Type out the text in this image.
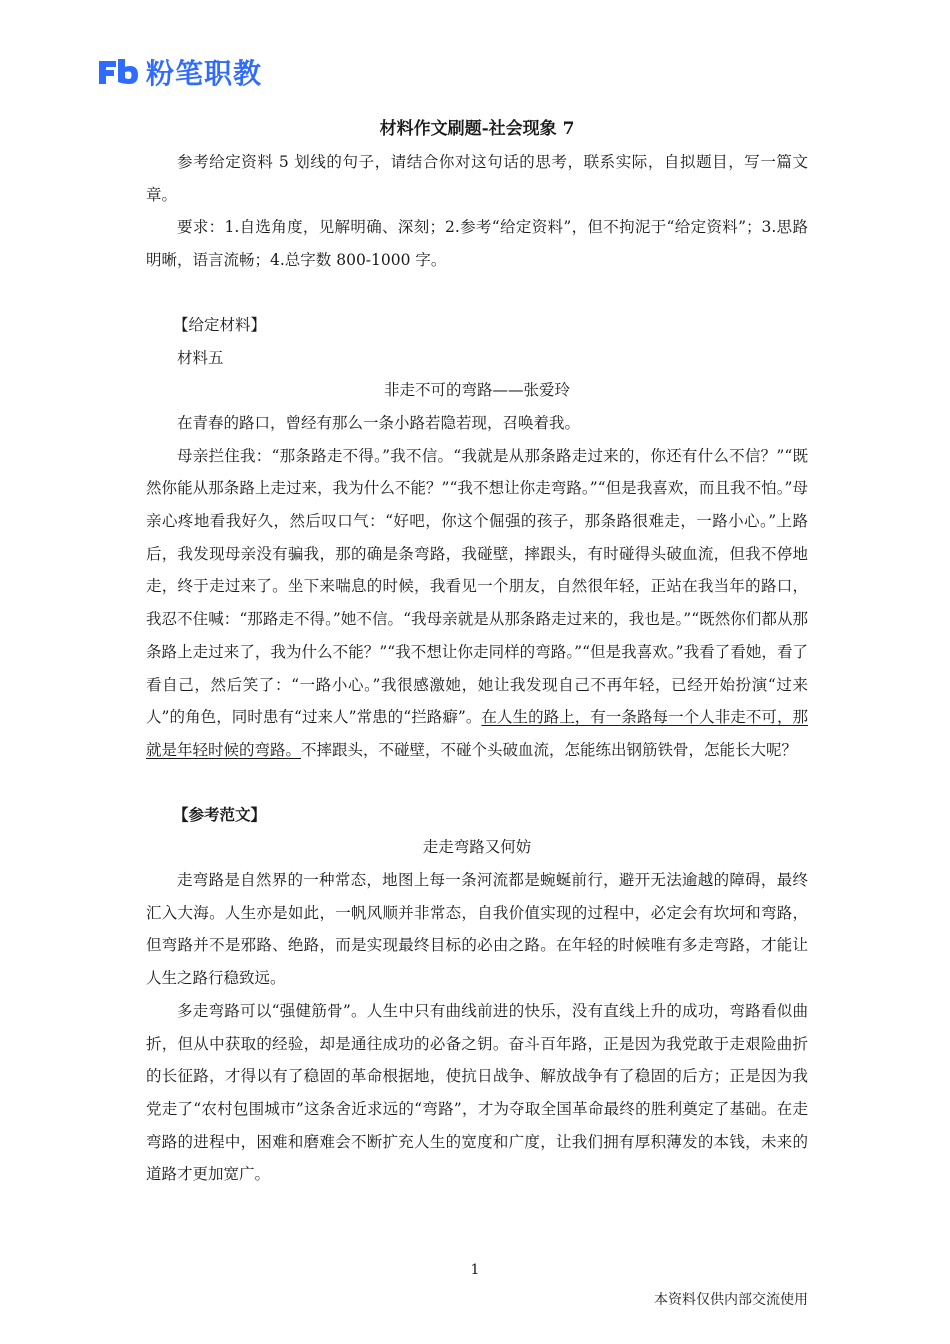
粉笔职教
材料作文刷题-社会现象 7

参考给定资料 5 划线的句子，请结合你对这句话的思考，联系实际，自拟题目，写一篇文章。

要求：1.自选角度，见解明确、深刻；2.参考“给定资料”，但不拘泥于“给定资料”；3.思路明晰，语言流畅；4.总字数 800-1000 字。

【给定材料】
材料五

非走不可的弯路——张爱玲

在青春的路口，曾经有那么一条小路若隐若现，召唤着我。

母亲拦住我：“那条路走不得。”我不信。“我就是从那条路走过来的，你还有什么不信？”“既然你能从那条路上走过来，我为什么不能？”“我不想让你走弯路。”“但是我喜欢，而且我不怕。”母亲心疼地看我好久，然后叹口气：“好吧，你这个倔强的孩子，那条路很难走，一路小心。”上路后，我发现母亲没有骗我，那的确是条弯路，我碰壁，摔跟头，有时碰得头破血流，但我不停地走，终于走过来了。坐下来喘息的时候，我看见一个朋友，自然很年轻，正站在我当年的路口，我忍不住喊：“那路走不得。”她不信。“我母亲就是从那条路走过来的，我也是。”“既然你们都从那条路上走过来了，我为什么不能？”“我不想让你走同样的弯路。”“但是我喜欢。”我看了看她，看了看自己，然后笑了：“一路小心。”我很感激她，她让我发现自己不再年轻，已经开始扮演“过来人”的角色，同时患有“过来人”常患的“拦路癖”。在人生的路上，有一条路每一个人非走不可，那就是年轻时候的弯路。不摔跟头，不碰壁，不碰个头破血流，怎能练出钢筋铁骨，怎能长大呢？

【参考范文】

走走弯路又何妨

走弯路是自然界的一种常态，地图上每一条河流都是蜿蜒前行，避开无法逾越的障碍，最终汇入大海。人生亦是如此，一帆风顺并非常态，自我价值实现的过程中，必定会有坎坷和弯路，但弯路并不是邪路、绝路，而是实现最终目标的必由之路。在年轻的时候唯有多走弯路，才能让人生之路行稳致远。

多走弯路可以“强健筋骨”。人生中只有曲线前进的快乐，没有直线上升的成功，弯路看似曲折，但从中获取的经验，却是通往成功的必备之钥。奋斗百年路，正是因为我党敢于走艰险曲折的长征路，才得以有了稳固的革命根据地，使抗日战争、解放战争有了稳固的后方；正是因为我党走了“农村包围城市”这条舍近求远的“弯路”，才为夺取全国革命最终的胜利奠定了基础。在走弯路的进程中，困难和磨难会不断扩充人生的宽度和广度，让我们拥有厚积薄发的本钱，未来的道路才更加宽广。

1
本资料仅供内部交流使用
